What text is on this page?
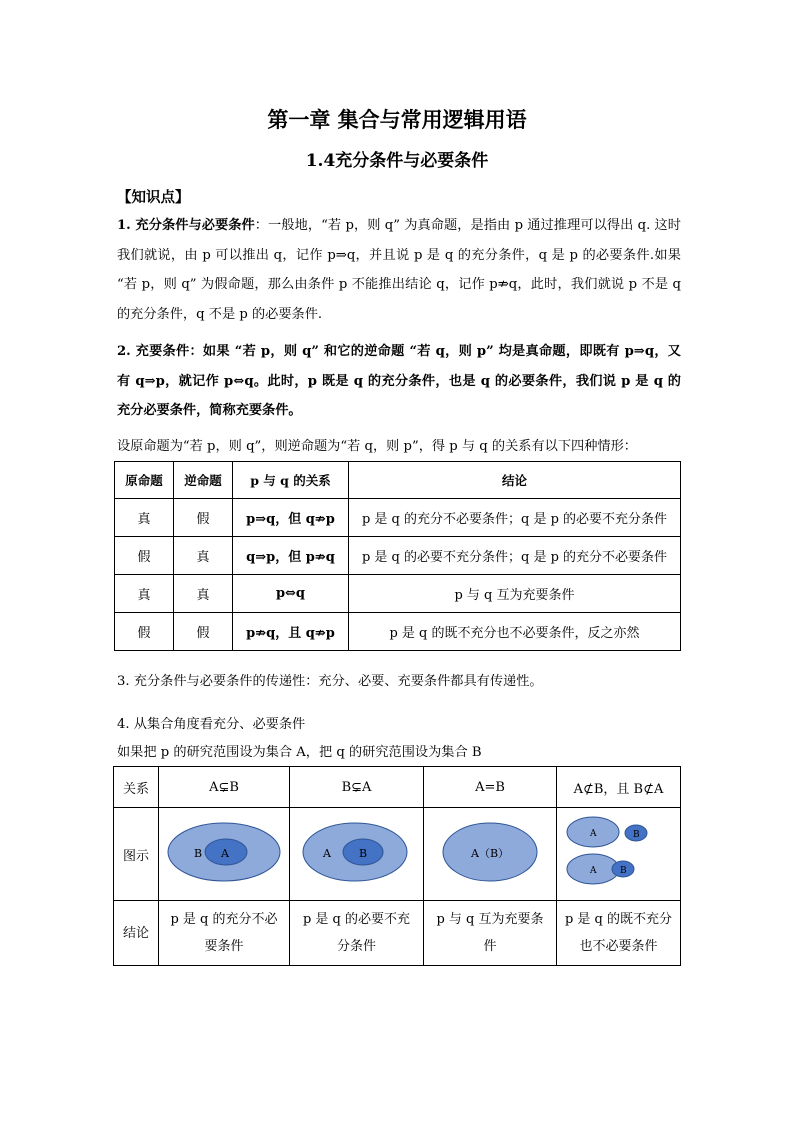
第一章 集合与常用逻辑用语
1.4充分条件与必要条件
【知识点】
1. 充分条件与必要条件：一般地，“若 p，则 q” 为真命题，是指由 p 通过推理可以得出 q. 这时我们就说，由 p 可以推出 q，记作 p⇒q，并且说 p 是 q 的充分条件，q 是 p 的必要条件.如果 “若 p，则 q” 为假命题，那么由条件 p 不能推出结论 q，记作 p⇏q，此时，我们就说 p 不是 q 的充分条件，q 不是 p 的必要条件.
2. 充要条件：如果 “若 p，则 q” 和它的逆命题 “若 q，则 p” 均是真命题，即既有 p⇒q，又有 q⇒p，就记作 p⇔q。此时，p 既是 q 的充分条件，也是 q 的必要条件，我们说 p 是 q 的充分必要条件，简称充要条件。
设原命题为“若 p，则 q”，则逆命题为“若 q，则 p”，得 p 与 q 的关系有以下四种情形：
原命题	逆命题	p 与 q 的关系	结论
真	假	p⇒q，但 q⇏p	p 是 q 的充分不必要条件；q 是 p 的必要不充分条件
假	真	q⇒p，但 p⇏q	p 是 q 的必要不充分条件；q 是 p 的充分不必要条件
真	真	p⇔q	p 与 q 互为充要条件
假	假	p⇏q，且 q⇏p	p 是 q 的既不充分也不必要条件，反之亦然
3. 充分条件与必要条件的传递性：充分、必要、充要条件都具有传递性。
4. 从集合角度看充分、必要条件
如果把 p 的研究范围设为集合 A，把 q 的研究范围设为集合 B
关系	A⊊B	B⊊A	A=B	A⊄B，且 B⊄A
图示	B A	A B	A（B）	A B
A B

结论	p 是 q 的充分不必要条件	p 是 q 的必要不充分条件	p 与 q 互为充要条件	p 是 q 的既不充分也不必要条件
